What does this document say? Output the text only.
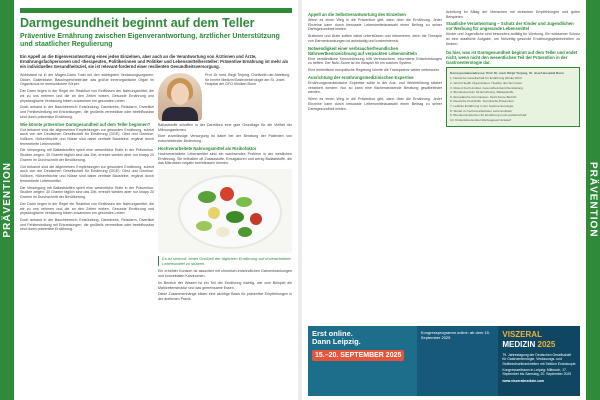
PRÄVENTION
Darmgesundheit beginnt auf dem Teller
Präventive Ernährung zwischen Eigenverantwortung, ärztlicher Unterstützung und staatlicher Regulierung
Ein Appell an die Eigenverantwortung eines jeden Einzelnen, aber auch an die Verantwortung von Ärztinnen und Ärzte, Ernährungsfachpersonen und -therapeuten, Politikerinnen und Politiker und Lebensmittelhersteller: Präventive Ernährung ist mehr als ein individuelles Gesundheitsziel, sie ist relevant-fordernd einer resilienten Gesundheitsversorgung.

Wohlstand ist in der Magen-Darm Trakt mit den wichtigsten Verdauungsorganen. Dicker, Gallenblase, Bauchspeicheldrüse: das größte innerorganische Organ im Organismus im menschlichen Körper.

Der Darm liegen in der Regel ein Reaktion von Einflüssen der Nahrungsmittel, die wir zu uns nehmen und die an den Zellen wirken. Gesunde Ernährung und physiologische Verdauung bilden zusammen ein gesundes Leben.

Doch anhand in der Bauchbereich: Entzündung, Darmkrebs, Reizdarm, Divertikel und Fehlbesiedlung mit Erkrankungen, die großteils vermeidbar oder beeinflussbar sind durch präventive Ernährung.

Wie könnte präventive Darmgesundheit auf dem Teller beginnen?

Gut bekannt sind die allgemeinen Empfehlungen zur gesunden Ernährung, zuletzt auch von der Deutschen Gesellschaft für Ernährung (DGE). Obst und Gemüse, Vollkorn, Hülsenfrüchte und Nüsse sind dabei zentrale Bausteine, ergänzt durch fermentierte Lebensmittel.

Die Versorgung mit Ballaststoffen spielt eine wesentliche Rolle in der Prävention. Studien zeigen: 30 Gramm täglich sind das Ziel, erreicht werden aber nur knapp 20 Gramm im Durchschnitt der Bevölkerung.

Gut bekannt sind die allgemeinen Empfehlungen zur gesunden Ernährung, zuletzt auch von der Deutschen Gesellschaft für Ernährung (DGE). Obst und Gemüse, Vollkorn, Hülsenfrüchte und Nüsse sind dabei zentrale Bausteine, ergänzt durch fermentierte Lebensmittel.

Die Versorgung mit Ballaststoffen spielt eine wesentliche Rolle in der Prävention. Studien zeigen: 30 Gramm täglich sind das Ziel, erreicht werden aber nur knapp 20 Gramm im Durchschnitt der Bevölkerung.

Der Darm liegen in der Regel ein Reaktion von Einflüssen der Nahrungsmittel, die wir zu uns nehmen und die an den Zellen wirken. Gesunde Ernährung und physiologische Verdauung bilden zusammen ein gesundes Leben.

Doch anhand in der Bauchbereich: Entzündung, Darmkrebs, Reizdarm, Divertikel und Fehlbesiedlung mit Erkrankungen, die großteils vermeidbar oder beeinflussbar sind durch präventive Ernährung.

Prof. Dr. med. Birgit Terjung, Chefärztin der Abteilung für Innere Medizin/Gastroenterologie am St. Josef-Hospital der GFO Kliniken Bonn

Ballaststoffe schaffen in der Darmflora eine gute Grundlage für die Vielfalt der Mikroorganismen.

Eine zuverlässige Versorgung ist dabei bei der Beratung der Patienten von entscheidender Bedeutung.

Hochverarbeitete Nahrungsmittel als Risikofaktor

Hochverarbeitete Lebensmittel sind ein wachsendes Problem in der westlichen Ernährung. Sie enthalten oft Zusatzstoffe, Emulgatoren und wenig Ballaststoffe, die das Mikrobiom negativ beeinflussen können.

Es ist sinnvoll, einen Großteil der täglichen Ernährung auf unverarbeitete Lebensmittel zu stützen.

Ein erhöhter Konsum ist assoziiert mit chronisch-entzündlichen Darmerkrankungen und kolorektalen Karzinomen.

Im Bereich der Wissen ist ein Teil der Ernährung wichtig, wie zum Beispiel die Mahlzeitenstruktur und das gemeinsame Essen.

Diese Zusammenhänge bilden eine wichtige Basis für präventive Empfehlungen in der ärztlichen Praxis.

PRÄVENTION
Appell an die Selbstverantwortung des Einzelnen

Wenn es einen Weg in die Prävention gibt, dann über die Ernährung. Jeder Einzelne kann durch bewusste Lebensmittelauswahl einen Beitrag zu seiner Darmgesundheit leisten.

Ärztinnen und Ärzte sollten dabei unterstützen und informieren, denn die Therapie von Darmerkrankungen ist aufwändig und kostenintensiv.

Notwendigkeit einer verbraucherfreundlichen Nährwertkennzeichnung auf verpackten Lebensmitteln

Eine verständliche Kennzeichnung hilft Verbrauchern, informierte Entscheidungen zu treffen. Der Nutri-Score ist ein Beispiel für ein solches System.

Eine einheitliche europäische Regelung könnte die Transparenz weiter verbessern.

Ausrichtung der ernährungsmedizinischen Expertise

Ernährungsmedizinische Expertise sollte in der Aus- und Weiterbildung stärker verankert werden. Nur so kann eine flächendeckende Beratung gewährleistet werden.

Wenn es einen Weg in die Prävention gibt, dann über die Ernährung. Jeder Einzelne kann durch bewusste Lebensmittelauswahl einen Beitrag zu seiner Darmgesundheit leisten.

Anleitung im Alltag der Menschen mit einfachen Empfehlungen und guten Beispielen.

Staatliche Verantwortung – Schutz der Kinder und Jugendlichen vor Werbung für ungesunde Lebensmittel

Kinder und Jugendliche sind besonders anfällig für Werbung. Ein wirksamer Schutz ist eine staatliche Aufgabe, um frühzeitig gesunde Ernährungsgewohnheiten zu fördern.

Da hier, was ist Darmgesundheit beginnt auf dem Teller und endet nicht, wenn nicht den wesentlichen Teil der Prävention in der Gastroenterologie dar.
Korrespondenzadresse: Prof. Dr. med. Birgit Terjung, St. Josef-Hospital Bonn
1. Deutsche Gesellschaft für Ernährung (DGE) 2024
2. World Health Organization. Healthy diet fact sheet
3. Robert Koch-Institut. Gesundheitsberichterstattung
4. Bundeszentrum für Ernährung. Ballaststoffe
5. Europäische Kommission. Nutri-Score Bericht
6. Deutsche Krebshilfe. Darmkrebs-Prävention
7. Leitlinie Ernährung in der Gastroenterologie
8. Studie zu hochverarbeiteten Lebensmitteln
9. Bundesministerium für Ernährung und Landwirtschaft
10. Kinderlebensmittel-Werbegesetz Entwurf
Erst online.
Dann Leipzig.
15.–20. SEPTEMBER 2025
Kongressprogramm online: ab dem 15. September 2025	VISZERAL
MEDIZIN 2025
79. Jahrestagung der Deutschen Gesellschaft für Gastroenterologie, Verdauungs- und Stoffwechselkrankheiten mit Sektion Endoskopie
Kongresszeitraum in Leipzig: Mittwoch, 17. September bis Samstag, 20. September 2025
www.viszeralmedizin.com
